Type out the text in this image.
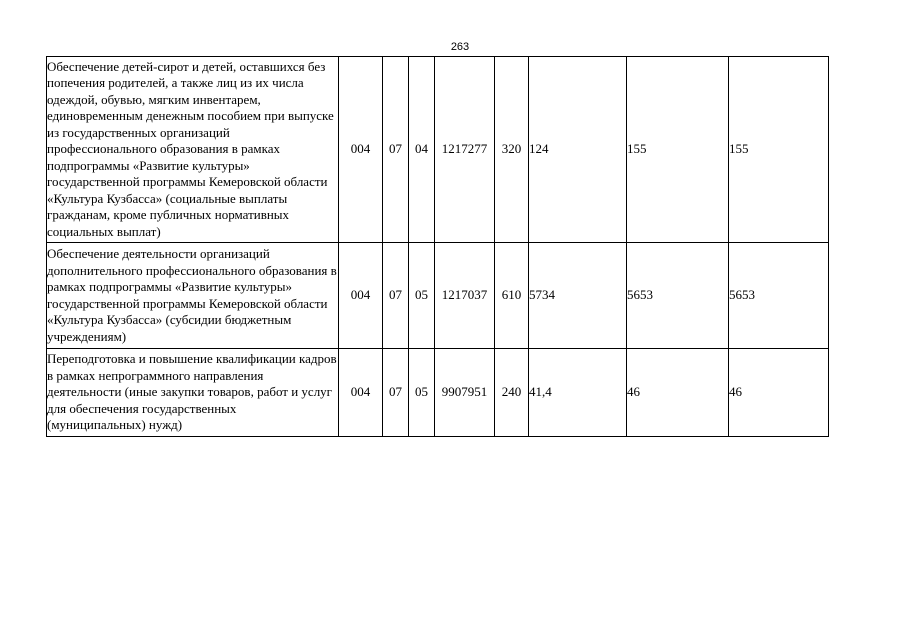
263
Обеспечение детей-сирот и детей, оставшихся без попечения родителей, а также лиц из их числа одеждой, обувью, мягким инвентарем, единовременным денежным пособием при выпуске из государственных организаций профессионального образования в рамках подпрограммы «Развитие культуры» государственной программы Кемеровской области «Культура Кузбасса» (социальные выплаты гражданам, кроме публичных нормативных социальных выплат)	004	07	04	1217277	320	124	155	155
Обеспечение деятельности организаций дополнительного профессионального образования в рамках подпрограммы «Развитие культуры» государственной программы Кемеровской области «Культура Кузбасса» (субсидии бюджетным учреждениям)	004	07	05	1217037	610	5734	5653	5653
Переподготовка и повышение квалификации кадров в рамках непрограммного направления деятельности (иные закупки товаров, работ и услуг для обеспечения государственных (муниципальных) нужд)	004	07	05	9907951	240	41,4	46	46
